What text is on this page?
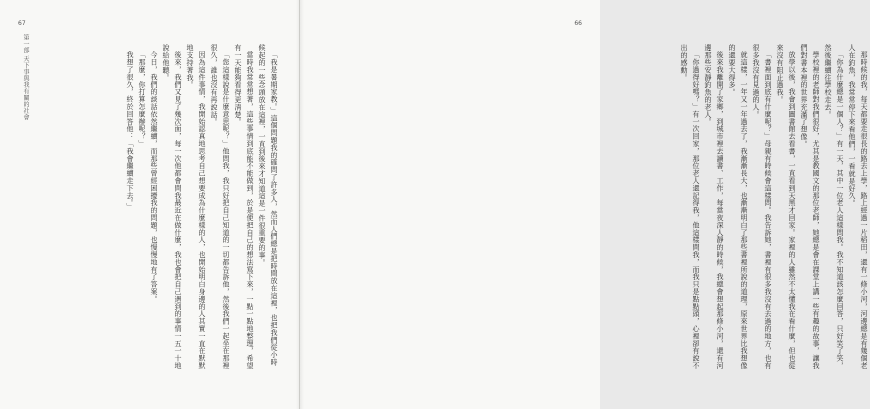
67
第一部 天下事與我有關的社會	「我是暑期家教。」這個問題我的確問了許多人，然而人們總是把時間放在這裡，也把我們從小時候起的一些念頭放在這裡，一直到後來才知道這是一件很重要的事。

當時我常常想著，這些事情到底能不能做到，於是便把自己的想法寫下來，一點一點地整理，希望有一天能夠看得更清楚。

「您這樣說是什麼意思呢？」他問我，我只好把自己知道的一切都告訴他，然後我們一起坐在那裡很久，誰也沒有再說話。

因為這件事情，我開始認真地思考自己想要成為什麼樣的人，也開始明白身邊的人其實一直在默默地支持著我。

後來，我們又見了幾次面，每一次他都會問我最近在做什麼，我也會把自己遇到的事情一五一十地說給他聽。

今日，我們的談話依然繼續，而那些曾經困擾我的問題，也慢慢地有了答案。

「那麼，你打算怎麼辦呢？」

我想了很久，終於回答他：「我會繼續走下去。」

66

那時候的我，每天都要走很長的路去上學，路上經過一片稻田，還有一條小河，河邊總是有幾個老人在釣魚，我常常停下來看他們，一看就是好久。

「你為什麼總是一個人？」有一天，其中一位老人這樣問我。我不知道該怎麼回答，只好笑了笑，然後繼續往學校走去。

學校裡的老師對我們很好，尤其是教國文的那位老師，她總是會在課堂上講一些有趣的故事，讓我們對書本裡的世界充滿了想像。

放學以後，我會到圖書館去看書，一直看到天黑才回家。家裡的人雖然不太懂我在看什麼，但也從來沒有阻止過我。

「書裡面到底有什麼呢？」母親有時候會這樣問。我告訴她，書裡有很多我沒有去過的地方，也有很多我沒有見過的人。

就這樣，一年又一年過去了，我漸漸長大，也漸漸明白了那些書裡所說的道理，原來世界比我想像的還要大得多。

後來我離開了家鄉，到城市裡去讀書、工作，每當夜深人靜的時候，我總會想起那條小河，還有河邊那些安靜釣魚的老人。

「你過得好嗎？」有一次回家，那位老人還記得我，他這樣問我，而我只是點點頭，心裡卻有說不出的感動。
